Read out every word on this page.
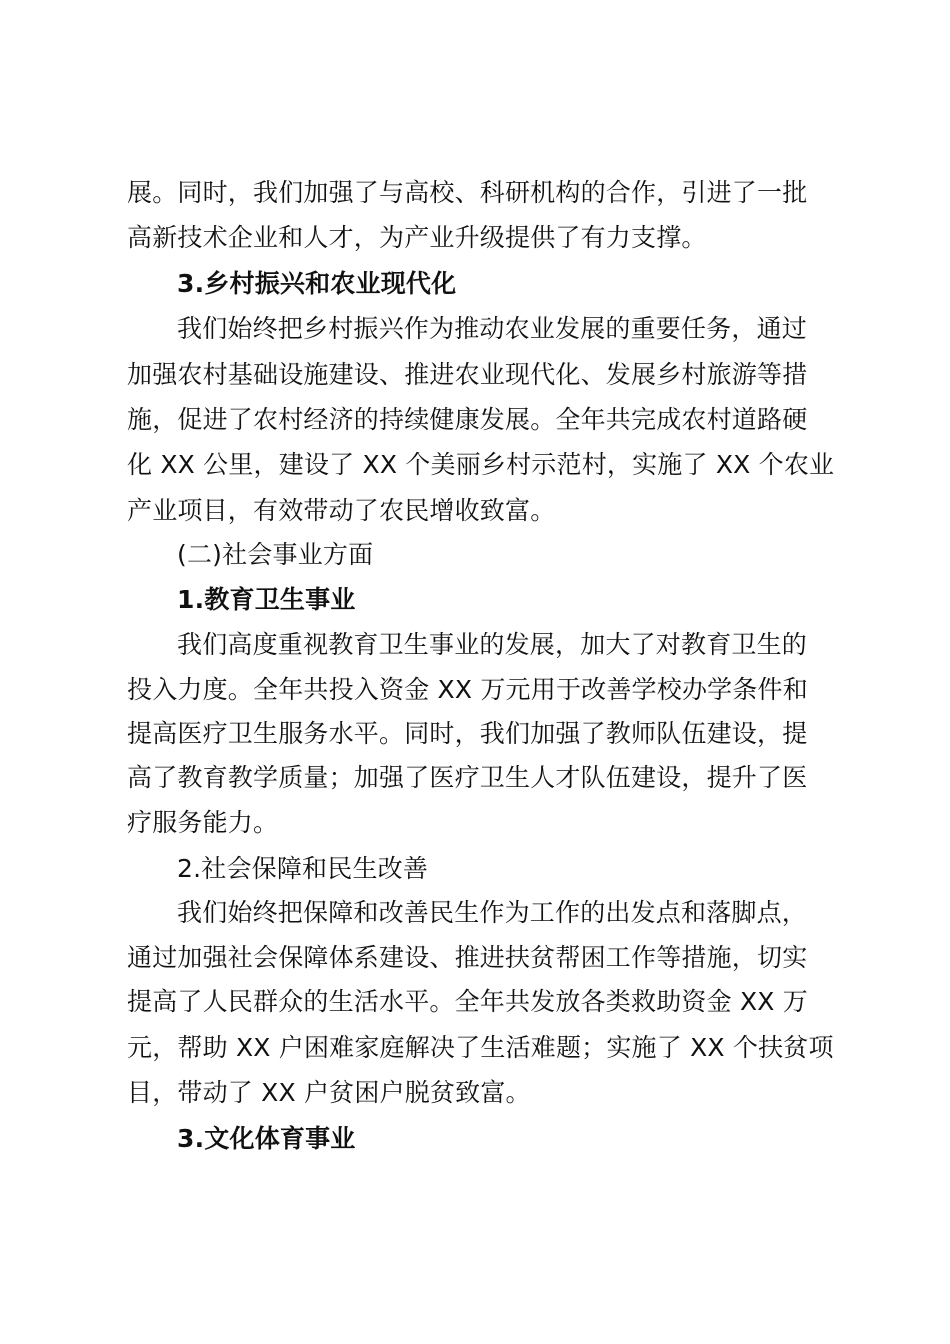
展。同时，我们加强了与高校、科研机构的合作，引进了一批
高新技术企业和人才，为产业升级提供了有力支撑。
3.乡村振兴和农业现代化
我们始终把乡村振兴作为推动农业发展的重要任务，通过
加强农村基础设施建设、推进农业现代化、发展乡村旅游等措
施，促进了农村经济的持续健康发展。全年共完成农村道路硬
化 XX 公里，建设了 XX 个美丽乡村示范村，实施了 XX 个农业
产业项目，有效带动了农民增收致富。
(二)社会事业方面
1.教育卫生事业
我们高度重视教育卫生事业的发展，加大了对教育卫生的
投入力度。全年共投入资金 XX 万元用于改善学校办学条件和
提高医疗卫生服务水平。同时，我们加强了教师队伍建设，提
高了教育教学质量；加强了医疗卫生人才队伍建设，提升了医
疗服务能力。
2.社会保障和民生改善
我们始终把保障和改善民生作为工作的出发点和落脚点，
通过加强社会保障体系建设、推进扶贫帮困工作等措施，切实
提高了人民群众的生活水平。全年共发放各类救助资金 XX 万
元，帮助 XX 户困难家庭解决了生活难题；实施了 XX 个扶贫项
目，带动了 XX 户贫困户脱贫致富。
3.文化体育事业
